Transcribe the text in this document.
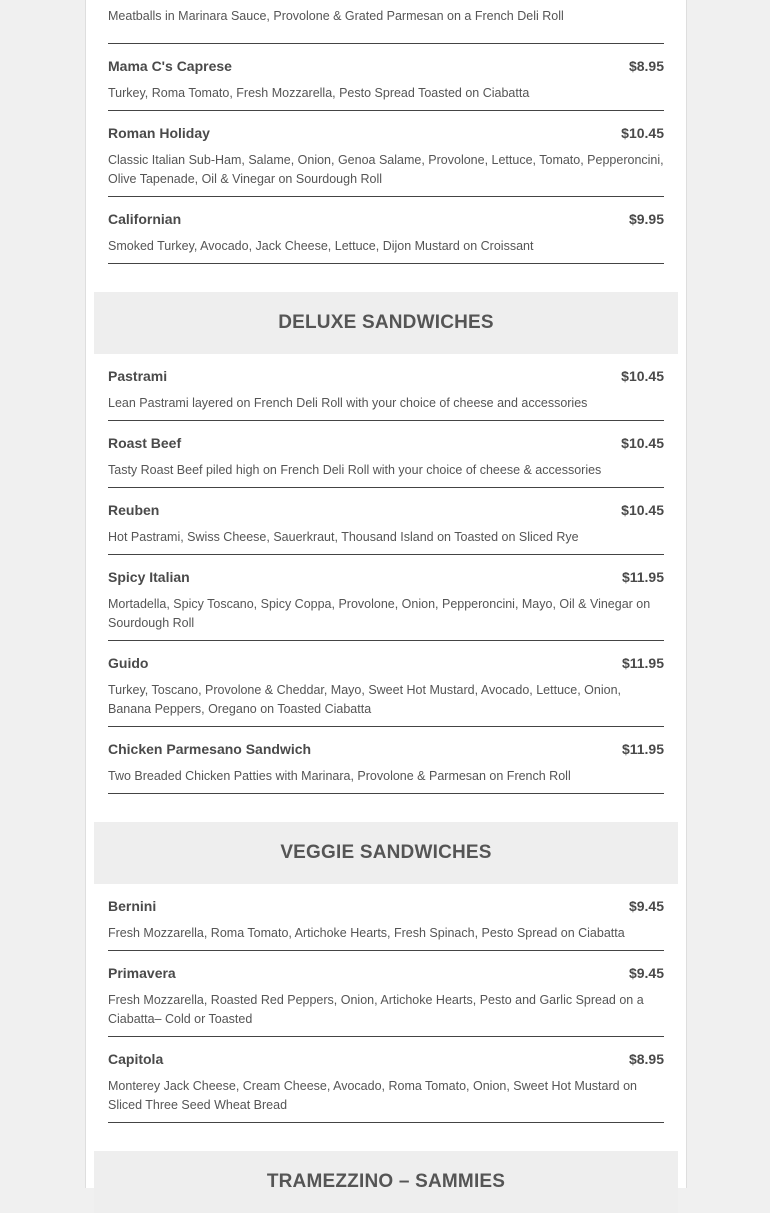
Meatballs in Marinara Sauce, Provolone & Grated Parmesan on a French Deli Roll
Mama C's Caprese	$8.95
Turkey, Roma Tomato, Fresh Mozzarella, Pesto Spread Toasted on Ciabatta
Roman Holiday	$10.45
Classic Italian Sub-Ham, Salame, Onion, Genoa Salame, Provolone, Lettuce, Tomato, Pepperoncini, Olive Tapenade, Oil & Vinegar on Sourdough Roll
Californian	$9.95
Smoked Turkey, Avocado, Jack Cheese, Lettuce, Dijon Mustard on Croissant
DELUXE SANDWICHES
Pastrami	$10.45
Lean Pastrami layered on French Deli Roll with your choice of cheese and accessories
Roast Beef	$10.45
Tasty Roast Beef piled high on French Deli Roll with your choice of cheese & accessories
Reuben	$10.45
Hot Pastrami, Swiss Cheese, Sauerkraut, Thousand Island on Toasted on Sliced Rye
Spicy Italian	$11.95
Mortadella, Spicy Toscano, Spicy Coppa, Provolone, Onion, Pepperoncini, Mayo, Oil & Vinegar on Sourdough Roll
Guido	$11.95
Turkey, Toscano, Provolone & Cheddar, Mayo, Sweet Hot Mustard, Avocado, Lettuce, Onion, Banana Peppers, Oregano on Toasted Ciabatta
Chicken Parmesano Sandwich	$11.95
Two Breaded Chicken Patties with Marinara, Provolone & Parmesan on French Roll
VEGGIE SANDWICHES
Bernini	$9.45
Fresh Mozzarella, Roma Tomato, Artichoke Hearts, Fresh Spinach, Pesto Spread on Ciabatta
Primavera	$9.45
Fresh Mozzarella, Roasted Red Peppers, Onion, Artichoke Hearts, Pesto and Garlic Spread on a Ciabatta– Cold or Toasted
Capitola	$8.95
Monterey Jack Cheese, Cream Cheese, Avocado, Roma Tomato, Onion, Sweet Hot Mustard on Sliced Three Seed Wheat Bread
TRAMEZZINO – SAMMIES
